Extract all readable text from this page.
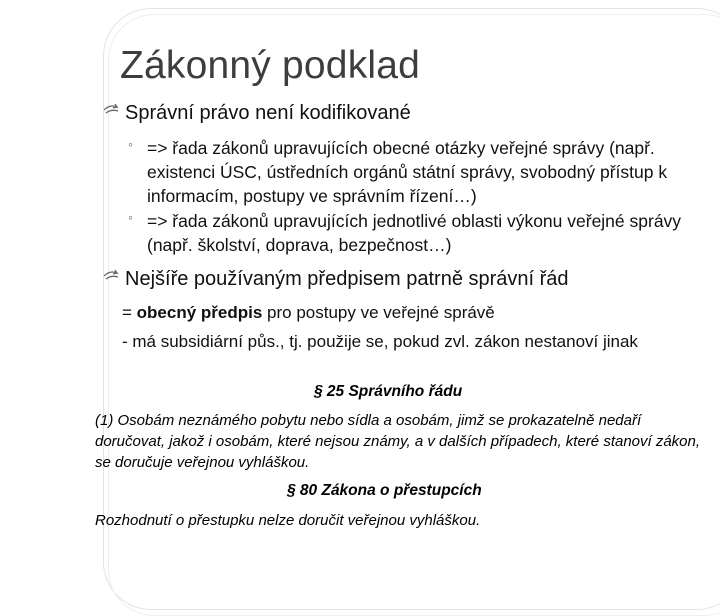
Zákonný podklad
Správní právo není kodifikované
◦ => řada zákonů upravujících obecné otázky veřejné správy (např. existenci ÚSC, ústředních orgánů státní správy, svobodný přístup k informacím, postupy ve správním řízení…)
◦ => řada zákonů upravujících jednotlivé oblasti výkonu veřejné správy (např. školství, doprava, bezpečnost…)
Nejšíře používaným předpisem patrně správní řád
= obecný předpis pro postupy ve veřejné správě
- má subsidiární půs., tj. použije se, pokud zvl. zákon nestanoví jinak
§ 25 Správního řádu
(1) Osobám neznámého pobytu nebo sídla a osobám, jimž se prokazatelně nedaří doručovat, jakož i osobám, které nejsou známy, a v dalších případech, které stanoví zákon, se doručuje veřejnou vyhláškou.
§ 80 Zákona o přestupcích
Rozhodnutí o přestupku nelze doručit veřejnou vyhláškou.
